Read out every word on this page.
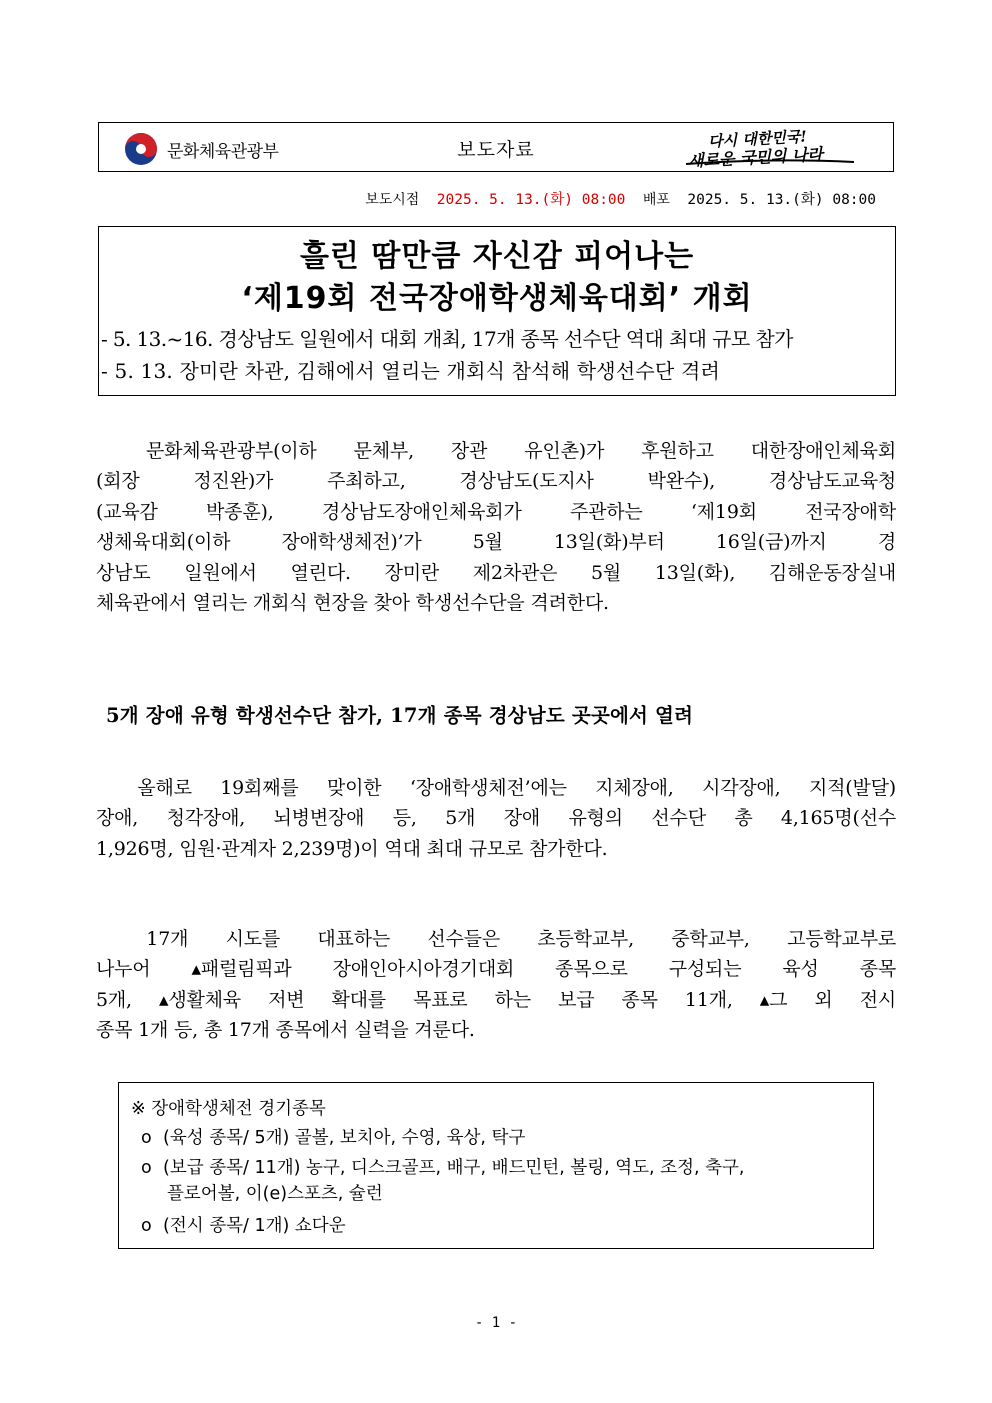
문화체육관광부	보도자료	다시 대한민국!
새로운 국민의 나라
보도시점 2025. 5. 13.(화) 08:00 배포 2025. 5. 13.(화) 08:00
흘린 땀만큼 자신감 피어나는
‘제19회 전국장애학생체육대회’ 개회
- 5. 13.~16. 경상남도 일원에서 대회 개최, 17개 종목 선수단 역대 최대 규모 참가
- 5. 13. 장미란 차관, 김해에서 열리는 개회식 참석해 학생선수단 격려
　문화체육관광부(이하 문체부, 장관 유인촌)가 후원하고 대한장애인체육회
(회장 정진완)가 주최하고, 경상남도(도지사 박완수), 경상남도교육청
(교육감 박종훈), 경상남도장애인체육회가 주관하는 ‘제19회 전국장애학
생체육대회(이하 장애학생체전)’가 5월 13일(화)부터 16일(금)까지 경
상남도 일원에서 열린다. 장미란 제2차관은 5월 13일(화), 김해운동장실내
체육관에서 열리는 개회식 현장을 찾아 학생선수단을 격려한다.
5개 장애 유형 학생선수단 참가, 17개 종목 경상남도 곳곳에서 열려
　올해로 19회째를 맞이한 ‘장애학생체전’에는 지체장애, 시각장애, 지적(발달)
장애, 청각장애, 뇌병변장애 등, 5개 장애 유형의 선수단 총 4,165명(선수
1,926명, 임원·관계자 2,239명)이 역대 최대 규모로 참가한다.
　17개 시도를 대표하는 선수들은 초등학교부, 중학교부, 고등학교부로
나누어 ▴패럴림픽과 장애인아시아경기대회 종목으로 구성되는 육성 종목
5개, ▴생활체육 저변 확대를 목표로 하는 보급 종목 11개, ▴그 외 전시
종목 1개 등, 총 17개 종목에서 실력을 겨룬다.
※ 장애학생체전 경기종목
ο (육성 종목/ 5개) 골볼, 보치아, 수영, 육상, 탁구
ο (보급 종목/ 11개) 농구, 디스크골프, 배구, 배드민턴, 볼링, 역도, 조정, 축구,
플로어볼, 이(e)스포츠, 슐런
ο (전시 종목/ 1개) 쇼다운
- 1 -
